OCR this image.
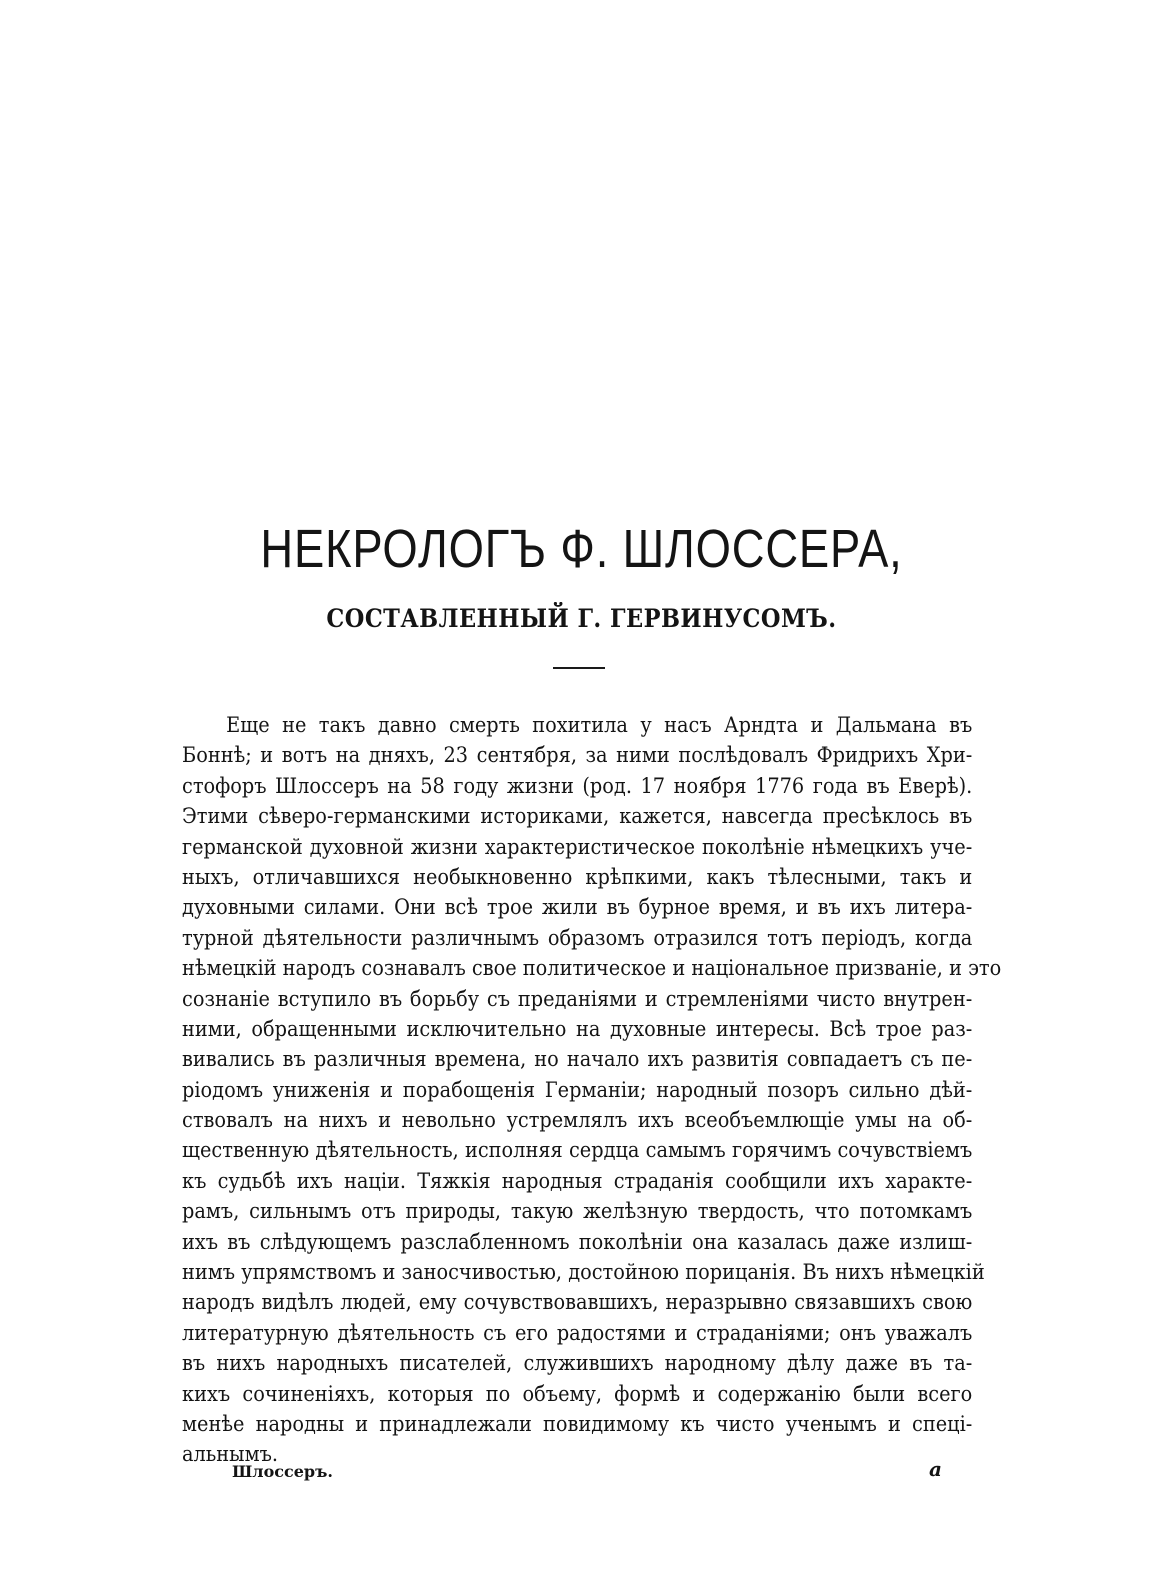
НЕКРОЛОГЪ Ф. ШЛОССЕРА,
СОСТАВЛЕННЫЙ Г. ГЕРВИНУСОМЪ.
Еще не такъ давно смерть похитила у насъ Арндта и Дальмана въ
Боннѣ; и вотъ на дняхъ, 23 сентября, за ними послѣдовалъ Фридрихъ Хри-
стофоръ Шлоссеръ на 58 году жизни (род. 17 ноября 1776 года въ Еверѣ).
Этими сѣверо-германскими историками, кажется, навсегда пресѣклось въ
германской духовной жизни характеристическое поколѣніе нѣмецкихъ уче-
ныхъ, отличавшихся необыкновенно крѣпкими, какъ тѣлесными, такъ и
духовными силами. Они всѣ трое жили въ бурное время, и въ ихъ литера-
турной дѣятельности различнымъ образомъ отразился тотъ періодъ, когда
нѣмецкій народъ сознавалъ свое политическое и національное призваніе, и это
сознаніе вступило въ борьбу съ преданіями и стремленіями чисто внутрен-
ними, обращенными исключительно на духовные интересы. Всѣ трое раз-
вивались въ различныя времена, но начало ихъ развитія совпадаетъ съ пе-
ріодомъ униженія и порабощенія Германіи; народный позоръ сильно дѣй-
ствовалъ на нихъ и невольно устремлялъ ихъ всеобъемлющіе умы на об-
щественную дѣятельность, исполняя сердца самымъ горячимъ сочувствіемъ
къ судьбѣ ихъ націи. Тяжкія народныя страданія сообщили ихъ характе-
рамъ, сильнымъ отъ природы, такую желѣзную твердость, что потомкамъ
ихъ въ слѣдующемъ разслабленномъ поколѣніи она казалась даже излиш-
нимъ упрямствомъ и заносчивостью, достойною порицанія. Въ нихъ нѣмецкій
народъ видѣлъ людей, ему сочувствовавшихъ, неразрывно связавшихъ свою
литературную дѣятельность съ его радостями и страданіями; онъ уважалъ
въ нихъ народныхъ писателей, служившихъ народному дѣлу даже въ та-
кихъ сочиненіяхъ, которыя по объему, формѣ и содержанію были всего
менѣе народны и принадлежали повидимому къ чисто ученымъ и спеці-
альнымъ.
Шлоссеръ.	a
